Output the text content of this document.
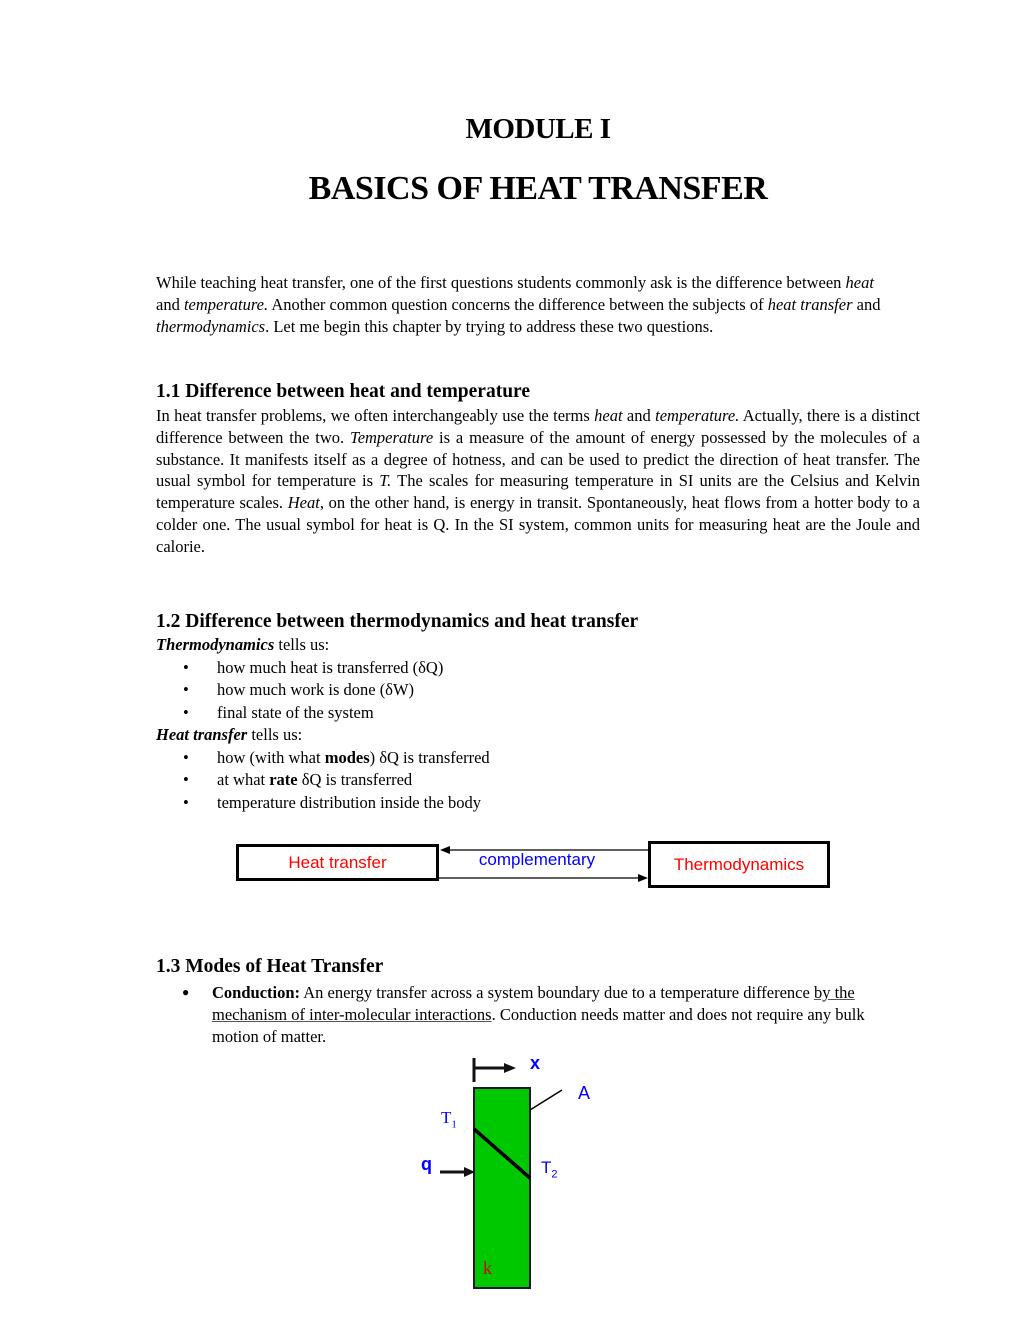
MODULE I
BASICS OF HEAT TRANSFER
While teaching heat transfer, one of the first questions students commonly ask is the difference between heat and temperature. Another common question concerns the difference between the subjects of heat transfer and thermodynamics. Let me begin this chapter by trying to address these two questions.
1.1 Difference between heat and temperature
In heat transfer problems, we often interchangeably use the terms heat and temperature. Actually, there is a distinct difference between the two. Temperature is a measure of the amount of energy possessed by the molecules of a substance. It manifests itself as a degree of hotness, and can be used to predict the direction of heat transfer. The usual symbol for temperature is T. The scales for measuring temperature in SI units are the Celsius and Kelvin temperature scales. Heat, on the other hand, is energy in transit. Spontaneously, heat flows from a hotter body to a colder one. The usual symbol for heat is Q. In the SI system, common units for measuring heat are the Joule and calorie.
1.2 Difference between thermodynamics and heat transfer
Thermodynamics tells us:
•	how much heat is transferred (δQ)
•	how much work is done (δW)
•	final state of the system
Heat transfer tells us:
•	how (with what modes) δQ is transferred
•	at what rate δQ is transferred
•	temperature distribution inside the body
Heat transfer	Thermodynamics
complementary
1.3 Modes of Heat Transfer
●	Conduction: An energy transfer across a system boundary due to a temperature difference by the mechanism of inter-molecular interactions. Conduction needs matter and does not require any bulk motion of matter.
x
A
$T_1$
$T_2$
q
k
